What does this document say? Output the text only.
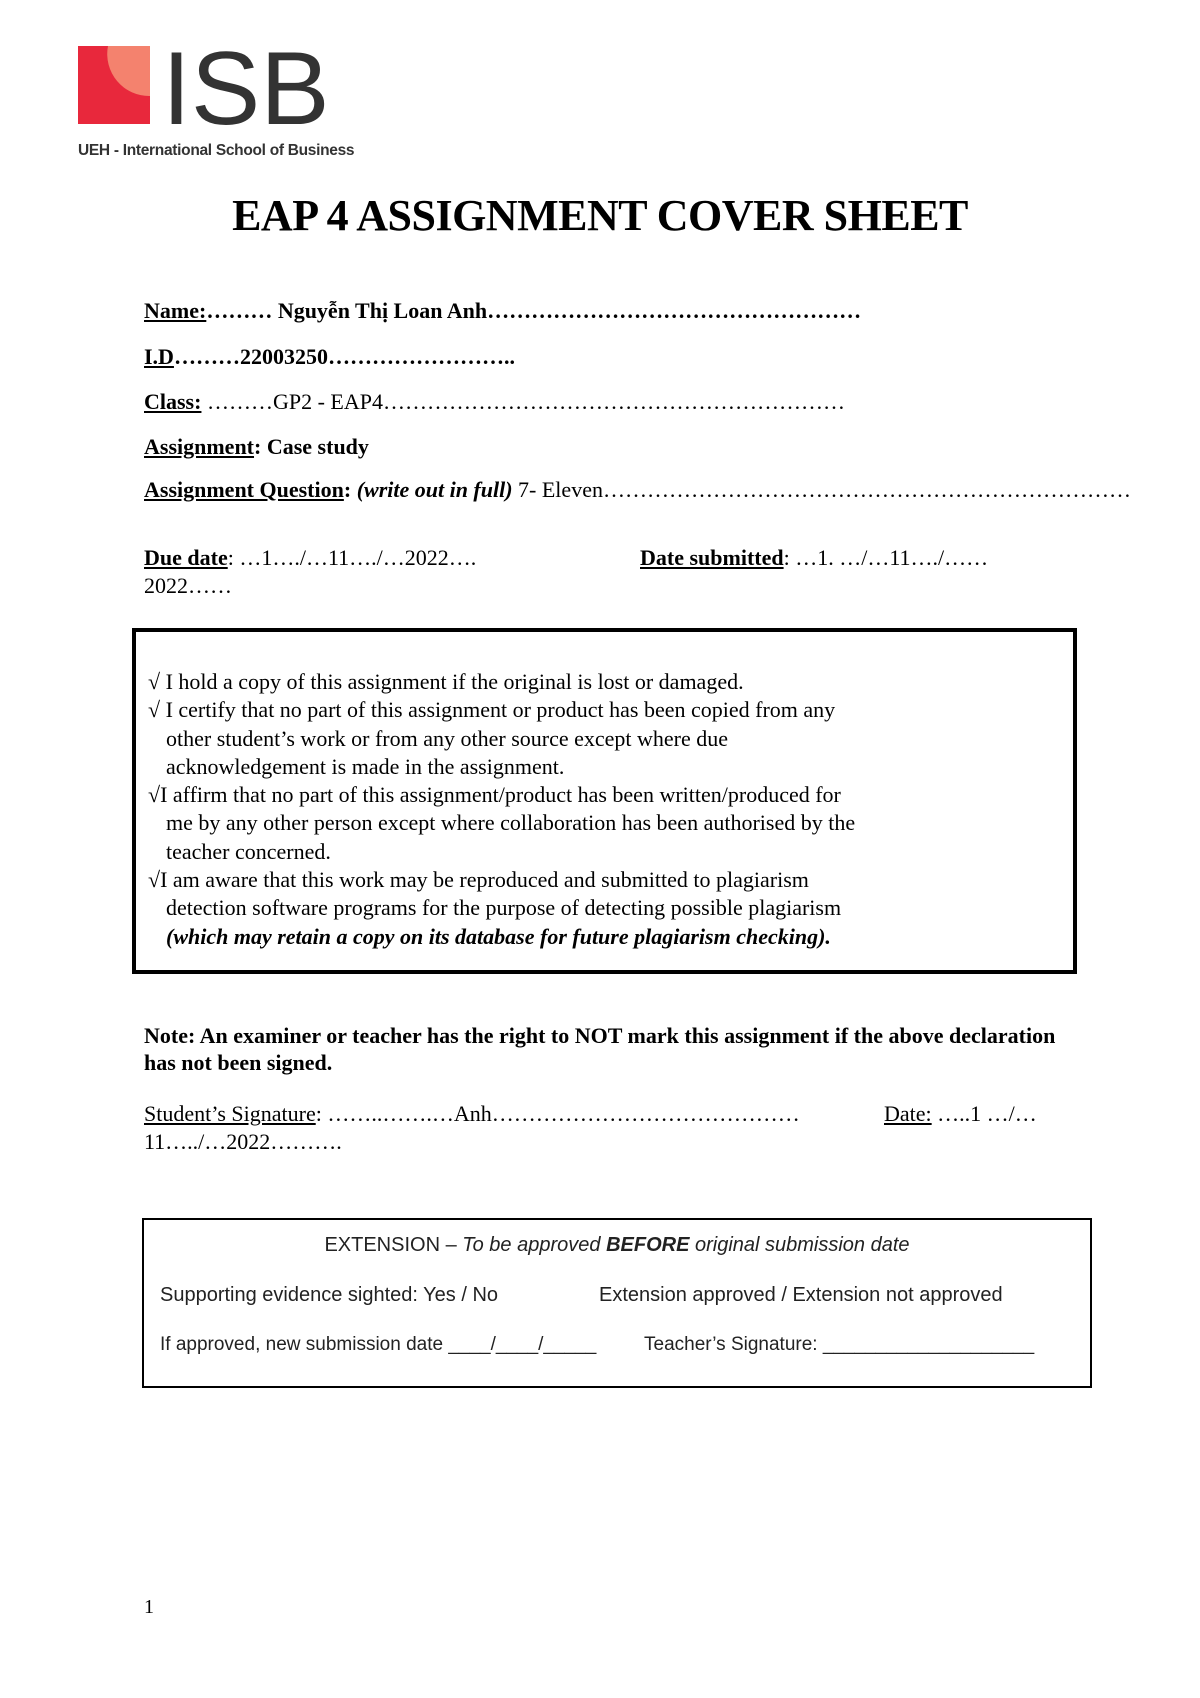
ISB
UEH - International School of Business
EAP 4 ASSIGNMENT COVER SHEET
Name:……… Nguyễn Thị Loan Anh……………………………………………
I.D………22003250……………………..
Class: ………GP2 - EAP4………………………………………………………
Assignment: Case study
Assignment Question: (write out in full) 7- Eleven………………………………………………………………
Due date: …1…./…11…./…2022….	Date submitted: …1. …/…11…./……
2022……
√ I hold a copy of this assignment if the original is lost or damaged.
√ I certify that no part of this assignment or product has been copied from any
other student’s work or from any other source except where due
acknowledgement is made in the assignment.
√I affirm that no part of this assignment/product has been written/produced for
me by any other person except where collaboration has been authorised by the
teacher concerned.
√I am aware that this work may be reproduced and submitted to plagiarism
detection software programs for the purpose of detecting possible plagiarism
(which may retain a copy on its database for future plagiarism checking).
Note: An examiner or teacher has the right to NOT mark this assignment if the above declaration has not been signed.
Student’s Signature: ……..…….…Anh……………………………………	Date: …..1 …/…
11…../…2022……….
EXTENSION – To be approved BEFORE original submission date
Supporting evidence sighted: Yes / No	Extension approved / Extension not approved
If approved, new submission date ____/____/_____	Teacher’s Signature: ____________________
1
